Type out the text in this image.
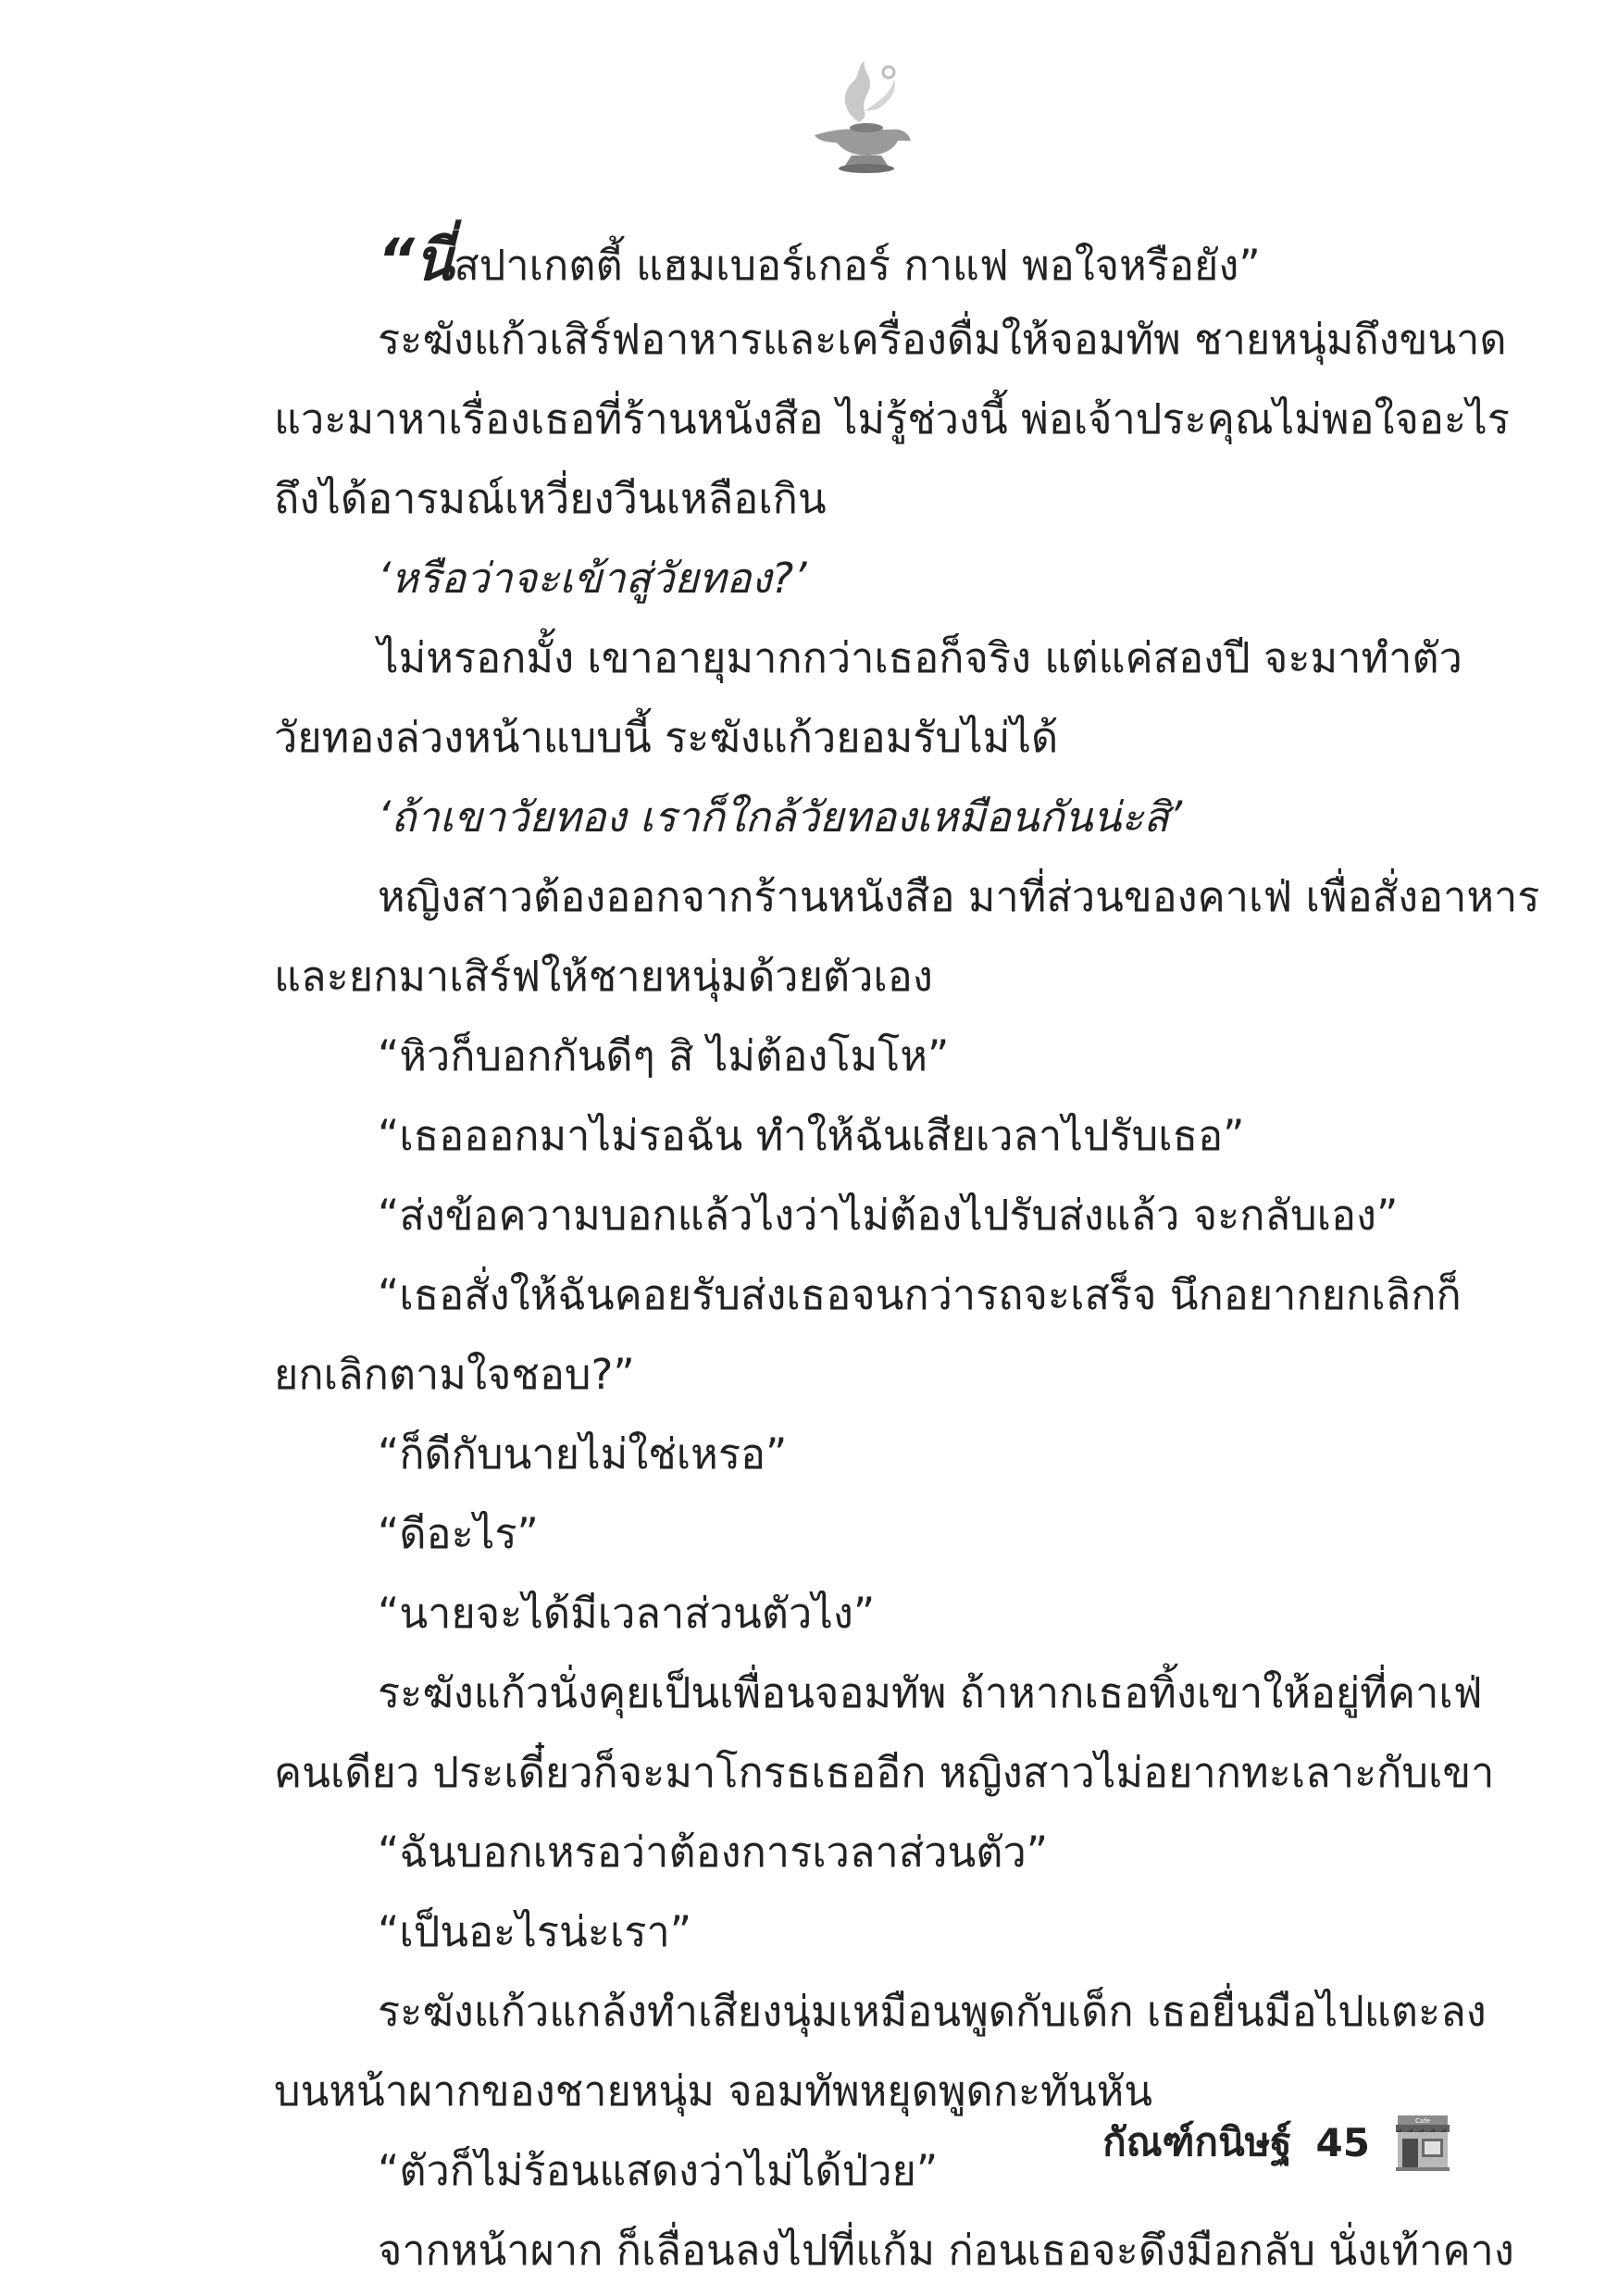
“นี่สปาเกตตี้ แฮมเบอร์เกอร์ กาแฟ พอใจหรือยัง”
ระฆังแก้วเสิร์ฟอาหารและเครื่องดื่มให้จอมทัพ ชายหนุ่มถึงขนาด
แวะมาหาเรื่องเธอที่ร้านหนังสือ ไม่รู้ช่วงนี้ พ่อเจ้าประคุณไม่พอใจอะไร
ถึงได้อารมณ์เหวี่ยงวีนเหลือเกิน
‘หรือว่าจะเข้าสู่วัยทอง?’
ไม่หรอกมั้ง เขาอายุมากกว่าเธอก็จริง แต่แค่สองปี จะมาทำตัว
วัยทองล่วงหน้าแบบนี้ ระฆังแก้วยอมรับไม่ได้
‘ถ้าเขาวัยทอง เราก็ใกล้วัยทองเหมือนกันน่ะสิ’
หญิงสาวต้องออกจากร้านหนังสือ มาที่ส่วนของคาเฟ่ เพื่อสั่งอาหาร
และยกมาเสิร์ฟให้ชายหนุ่มด้วยตัวเอง
“หิวก็บอกกันดีๆ สิ ไม่ต้องโมโห”
“เธอออกมาไม่รอฉัน ทำให้ฉันเสียเวลาไปรับเธอ”
“ส่งข้อความบอกแล้วไงว่าไม่ต้องไปรับส่งแล้ว จะกลับเอง”
“เธอสั่งให้ฉันคอยรับส่งเธอจนกว่ารถจะเสร็จ นึกอยากยกเลิกก็
ยกเลิกตามใจชอบ?”
“ก็ดีกับนายไม่ใช่เหรอ”
“ดีอะไร”
“นายจะได้มีเวลาส่วนตัวไง”
ระฆังแก้วนั่งคุยเป็นเพื่อนจอมทัพ ถ้าหากเธอทิ้งเขาให้อยู่ที่คาเฟ่
คนเดียว ประเดี๋ยวก็จะมาโกรธเธออีก หญิงสาวไม่อยากทะเลาะกับเขา
“ฉันบอกเหรอว่าต้องการเวลาส่วนตัว”
“เป็นอะไรน่ะเรา”
ระฆังแก้วแกล้งทำเสียงนุ่มเหมือนพูดกับเด็ก เธอยื่นมือไปแตะลง
บนหน้าผากของชายหนุ่ม จอมทัพหยุดพูดกะทันหัน
“ตัวก็ไม่ร้อนแสดงว่าไม่ได้ป่วย”
จากหน้าผาก ก็เลื่อนลงไปที่แก้ม ก่อนเธอจะดึงมือกลับ นั่งเท้าคาง
กัณฑ์กนิษฐ์ 45	Cafe
